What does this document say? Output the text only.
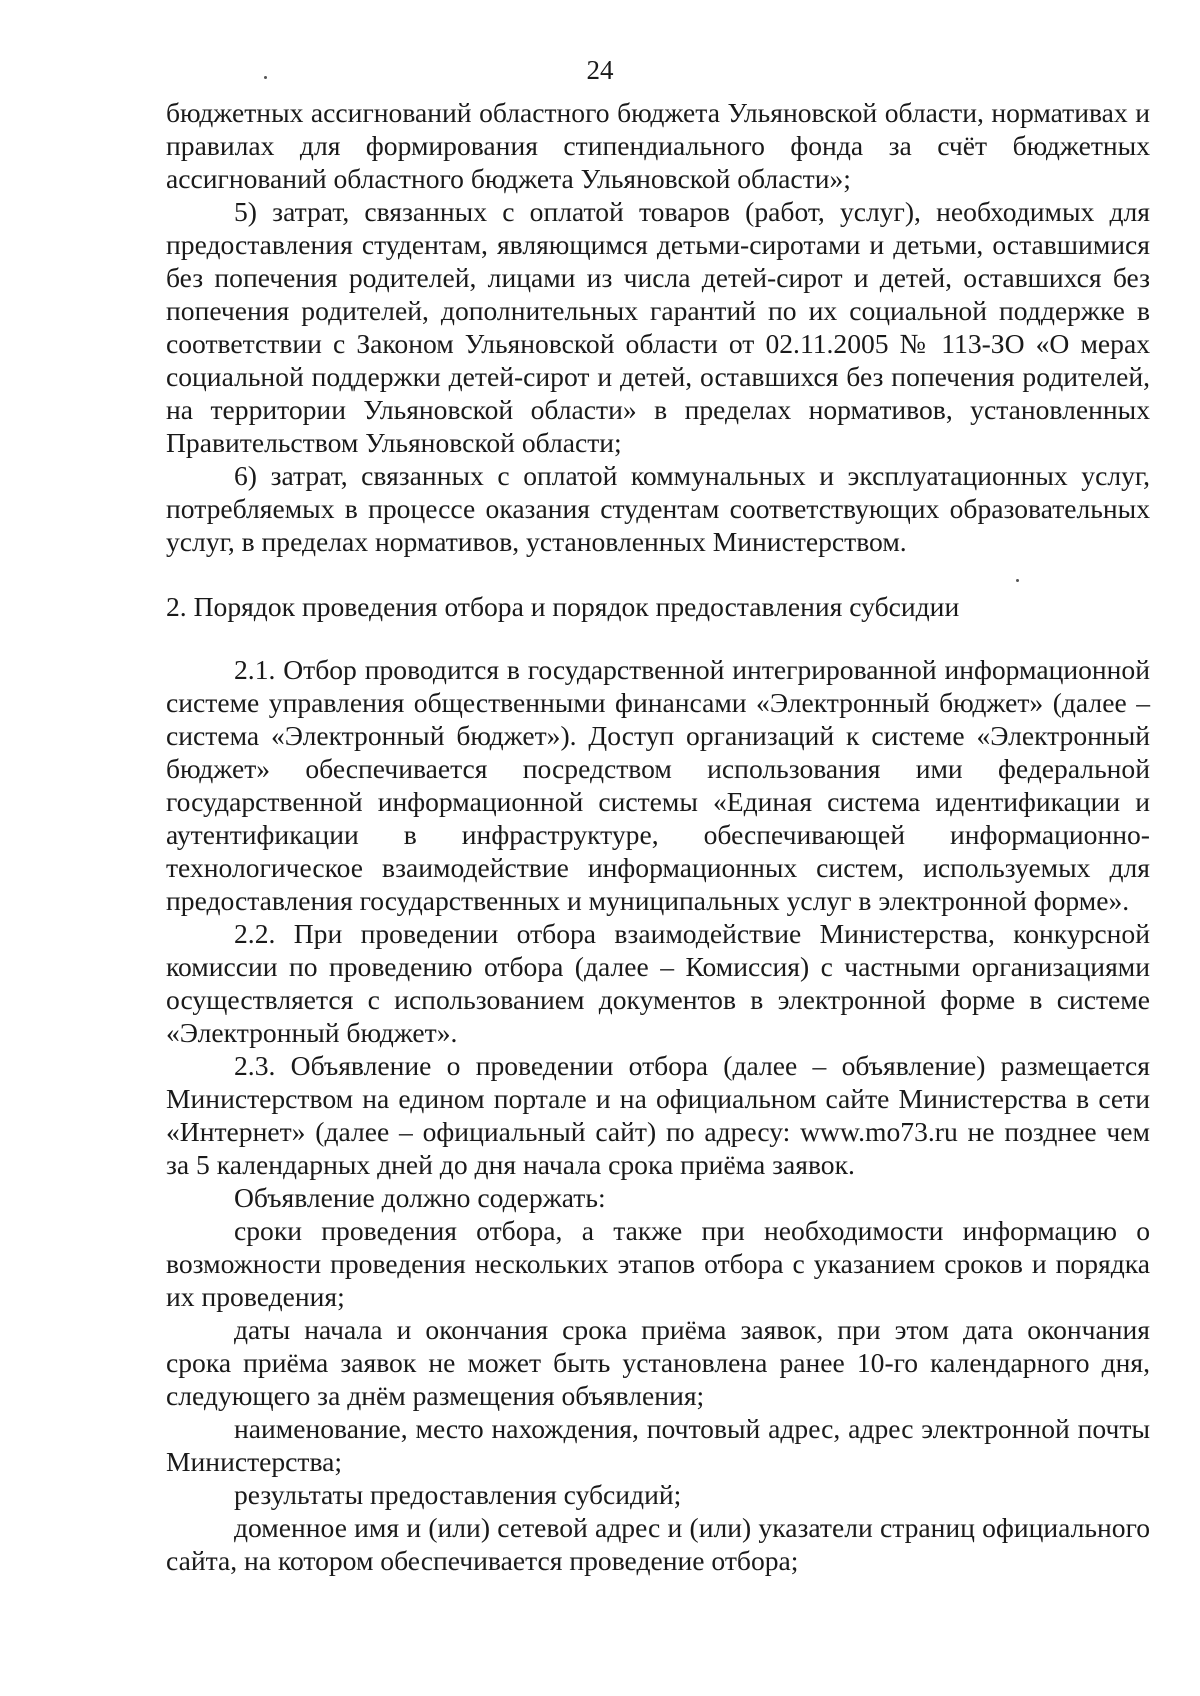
24

бюджетных ассигнований областного бюджета Ульяновской области, нормативах и правилах для формирования стипендиального фонда за счёт бюджетных ассигнований областного бюджета Ульяновской области»;

5) затрат, связанных с оплатой товаров (работ, услуг), необходимых для предоставления студентам, являющимся детьми-сиротами и детьми, оставшимися без попечения родителей, лицами из числа детей-сирот и детей, оставшихся без попечения родителей, дополнительных гарантий по их социальной поддержке в соответствии с Законом Ульяновской области от 02.11.2005 № 113-ЗО «О мерах социальной поддержки детей-сирот и детей, оставшихся без попечения родителей, на территории Ульяновской области» в пределах нормативов, установленных Правительством Ульяновской области;

6) затрат, связанных с оплатой коммунальных и эксплуатационных услуг, потребляемых в процессе оказания студентам соответствующих образовательных услуг, в пределах нормативов, установленных Министерством.

2. Порядок проведения отбора и порядок предоставления субсидии

2.1. Отбор проводится в государственной интегрированной информационной системе управления общественными финансами «Электронный бюджет» (далее – система «Электронный бюджет»). Доступ организаций к системе «Электронный бюджет» обеспечивается посредством использования ими федеральной государственной информационной системы «Единая система идентификации и аутентификации в инфраструктуре, обеспечивающей информационно-технологическое взаимодействие информационных систем, используемых для предоставления государственных и муниципальных услуг в электронной форме».

2.2. При проведении отбора взаимодействие Министерства, конкурсной комиссии по проведению отбора (далее – Комиссия) с частными организациями осуществляется с использованием документов в электронной форме в системе «Электронный бюджет».

2.3. Объявление о проведении отбора (далее – объявление) размещается Министерством на едином портале и на официальном сайте Министерства в сети «Интернет» (далее – официальный сайт) по адресу: www.mo73.ru не позднее чем за 5 календарных дней до дня начала срока приёма заявок.

Объявление должно содержать:

сроки проведения отбора, а также при необходимости информацию о возможности проведения нескольких этапов отбора с указанием сроков и порядка их проведения;

даты начала и окончания срока приёма заявок, при этом дата окончания срока приёма заявок не может быть установлена ранее 10-го календарного дня, следующего за днём размещения объявления;

наименование, место нахождения, почтовый адрес, адрес электронной почты Министерства;

результаты предоставления субсидий;

доменное имя и (или) сетевой адрес и (или) указатели страниц официального сайта, на котором обеспечивается проведение отбора;
